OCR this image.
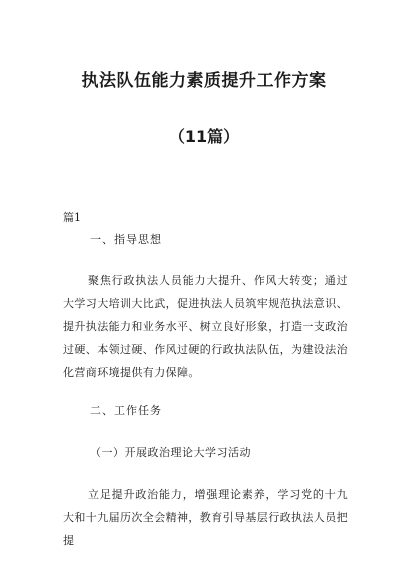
执法队伍能力素质提升工作方案
（11篇）
篇1
一、指导思想

聚焦行政执法人员能力大提升、作风大转变；通过大学习大培训大比武，促进执法人员筑牢规范执法意识、提升执法能力和业务水平、树立良好形象，打造一支政治过硬、本领过硬、作风过硬的行政执法队伍，为建设法治化营商环境提供有力保障。

二、工作任务
（一）开展政治理论大学习活动

立足提升政治能力，增强理论素养，学习党的十九大和十九届历次全会精神，教育引导基层行政执法人员把提
